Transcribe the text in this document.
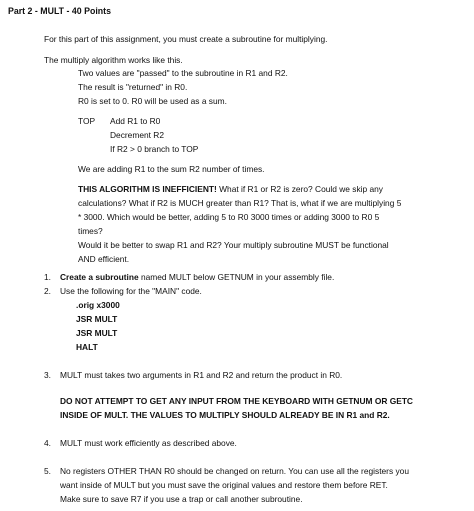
Part 2 - MULT - 40 Points
For this part of this assignment, you must create a subroutine for multiplying.
The multiply algorithm works like this.
Two values are "passed" to the subroutine in R1 and R2.
The result is "returned" in R0.
R0 is set to 0. R0 will be used as a sum.
TOP Add R1 to R0
Decrement R2
If R2 > 0 branch to TOP
We are adding R1 to the sum R2 number of times.
THIS ALGORITHM IS INEFFICIENT! What if R1 or R2 is zero? Could we skip any
calculations? What if R2 is MUCH greater than R1? That is, what if we are multiplying 5
* 3000. Which would be better, adding 5 to R0 3000 times or adding 3000 to R0 5
times?
Would it be better to swap R1 and R2? Your multiply subroutine MUST be functional
AND efficient.
1. Create a subroutine named MULT below GETNUM in your assembly file.
2. Use the following for the "MAIN" code.
.orig x3000
JSR MULT
JSR MULT
HALT
3. MULT must takes two arguments in R1 and R2 and return the product in R0.
DO NOT ATTEMPT TO GET ANY INPUT FROM THE KEYBOARD WITH GETNUM OR GETC
INSIDE OF MULT. THE VALUES TO MULTIPLY SHOULD ALREADY BE IN R1 and R2.
4. MULT must work efficiently as described above.
5. No registers OTHER THAN R0 should be changed on return. You can use all the registers you
want inside of MULT but you must save the original values and restore them before RET.
Make sure to save R7 if you use a trap or call another subroutine.
